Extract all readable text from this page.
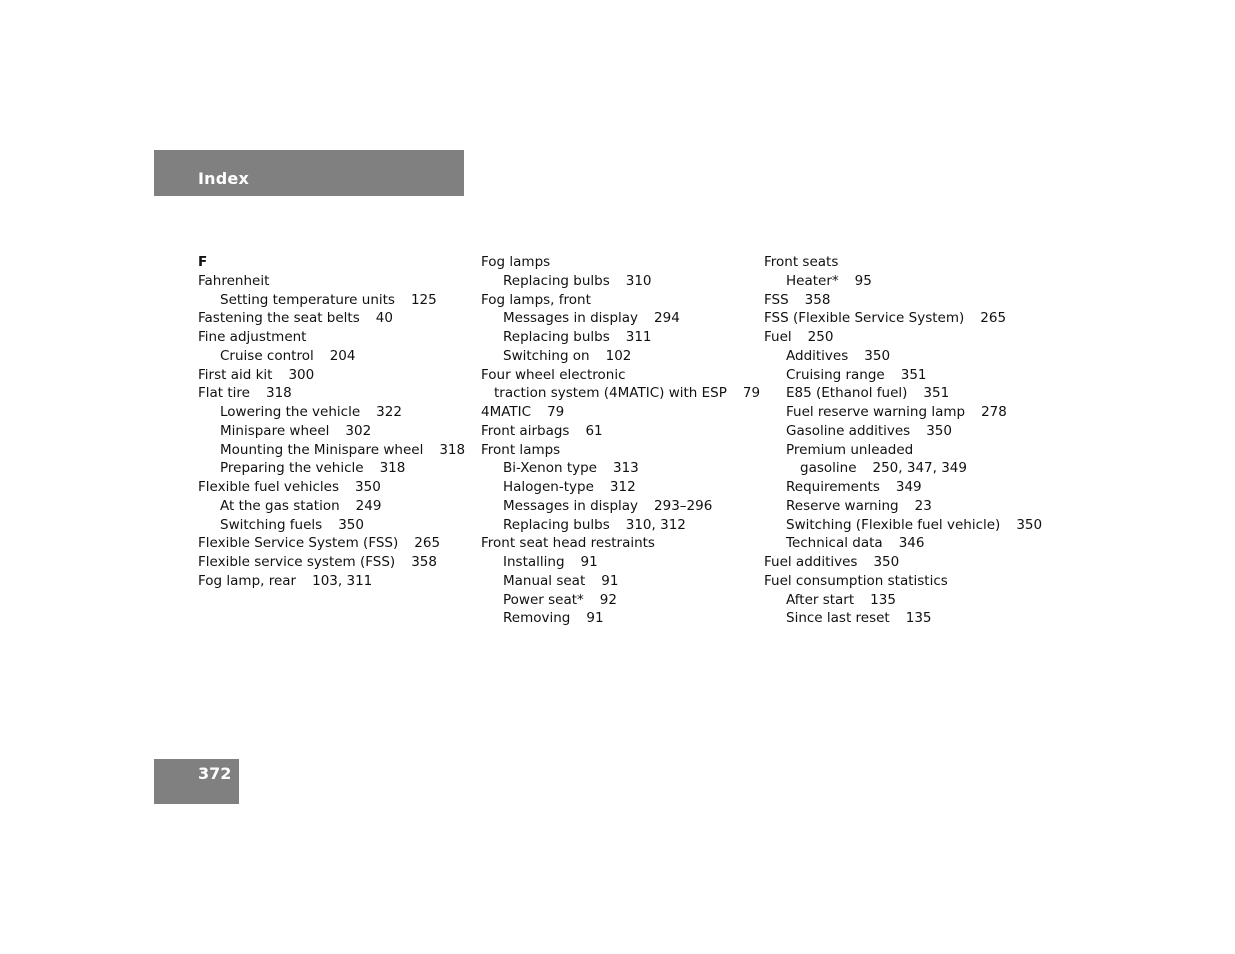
Index
F
Fahrenheit
Setting temperature units 125
Fastening the seat belts 40
Fine adjustment
Cruise control 204
First aid kit 300
Flat tire 318
Lowering the vehicle 322
Minispare wheel 302
Mounting the Minispare wheel 318
Preparing the vehicle 318
Flexible fuel vehicles 350
At the gas station 249
Switching fuels 350
Flexible Service System (FSS) 265
Flexible service system (FSS) 358
Fog lamp, rear 103, 311
Fog lamps
Replacing bulbs 310
Fog lamps, front
Messages in display 294
Replacing bulbs 311
Switching on 102
Four wheel electronic
traction system (4MATIC) with ESP 79
4MATIC 79
Front airbags 61
Front lamps
Bi-Xenon type 313
Halogen-type 312
Messages in display 293–296
Replacing bulbs 310, 312
Front seat head restraints
Installing 91
Manual seat 91
Power seat* 92
Removing 91
Front seats
Heater* 95
FSS 358
FSS (Flexible Service System) 265
Fuel 250
Additives 350
Cruising range 351
E85 (Ethanol fuel) 351
Fuel reserve warning lamp 278
Gasoline additives 350
Premium unleaded
gasoline 250, 347, 349
Requirements 349
Reserve warning 23
Switching (Flexible fuel vehicle) 350
Technical data 346
Fuel additives 350
Fuel consumption statistics
After start 135
Since last reset 135
372
